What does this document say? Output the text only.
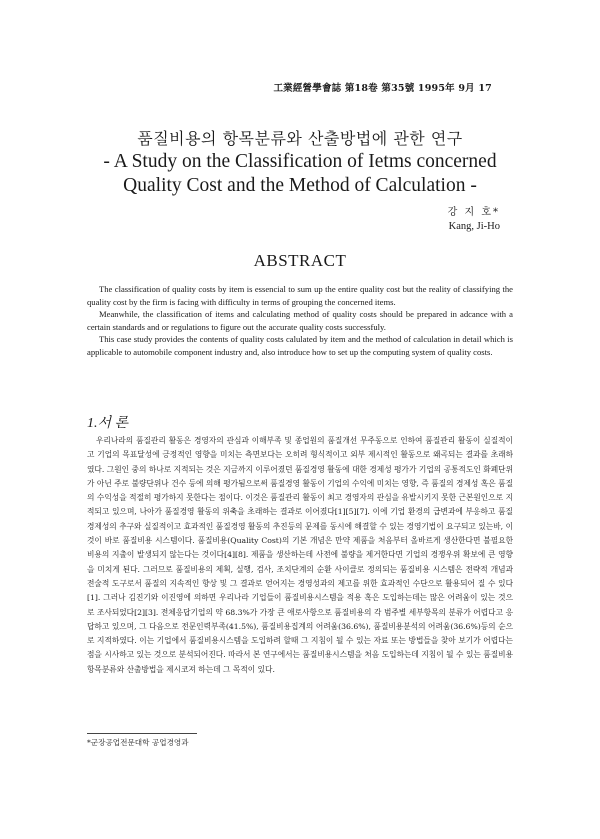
工業經營學會誌 第18卷 第35號 1995年 9月 17

품질비용의 항목분류와 산출방법에 관한 연구

- A Study on the Classification of Ietms concerned

Quality Cost and the Method of Calculation -

강 지 호*
Kang, Ji-Ho
ABSTRACT

The classification of quality costs by item is essencial to sum up the entire quality cost but the reality of classifying the quality cost by the firm is facing with difficulty in terms of grouping the concerned items.

Meanwhile, the classification of items and calculating method of quality costs should be prepared in adcance with a certain standards and or regulations to figure out the accurate quality costs successfuly.

This case study provides the contents of quality costs calulated by item and the method of calculation in detail which is applicable to automobile component industry and, also introduce how to set up the computing system of quality costs.

1.서 론

우리나라의 품질관리 활동은 경영자의 관심과 이해부족 및 종업원의 품질개선 무주동으로 인하여 품질관리 활동이 실질적이고 기업의 목표달성에 긍정적인 영향을 미치는 측면보다는 오히려 형식적이고 외부 제시적인 활동으로 왜곡되는 결과를 초래하였다. 그원인 중의 하나로 지적되는 것은 지금까지 이루어졌던 품질경영 활동에 대한 경제성 평가가 기업의 공통적도인 화폐단위가 아닌 주로 불량단위나 건수 등에 의해 평가됨으로써 품질경영 활동이 기업의 수익에 미치는 영향, 즉 품질의 경제성 혹은 품질의 수익성을 적절히 평가하지 못한다는 점이다. 이것은 품질관리 활동이 최고 경영자의 관심을 유발시키지 못한 근본원인으로 지적되고 있으며, 나아가 품질경영 활동의 위축을 초래하는 결과로 이어졌다[1][5][7]. 이에 기업 환경의 급변과에 부응하고 품질 경제성의 추구와 실질적이고 효과적인 품질경영 활동의 추진등의 문제를 동시에 해결할 수 있는 경영기법이 요구되고 있는바, 이것이 바로 품질비용 시스템이다. 품질비용(Quality Cost)의 기본 개념은 만약 제품을 처음부터 올바르게 생산한다면 불필요한 비용의 지출이 발생되지 않는다는 것이다[4][8]. 제품을 생산하는데 사전에 불량을 제거한다면 기업의 경쟁우위 확보에 큰 영향을 미치게 된다. 그러므로 품질비용의 제획, 실행, 검사, 조치단계의 순환 사이클로 정의되는 품질비용 시스템은 전략적 개념과 전술적 도구로서 품질의 지속적인 향상 및 그 결과로 얻어지는 경영성과의 제고를 위한 효과적인 수단으로 활용되어 질 수 있다[1]. 그러나 김진기와 이진영에 의하면 우리나라 기업들이 품질비용시스템을 적용 혹은 도입하는데는 많은 어려움이 있는 것으로 조사되었다[2][3]. 전체응답기업의 약 68.3%가 가장 큰 애로사항으로 품질비용의 각 범주별 세부항목의 분류가 어렵다고 응답하고 있으며, 그 다음으로 전문인력부족(41.5%), 품질비용집계의 어려움(36.6%), 품질비용분석의 어려움(36.6%)등의 순으로 지적하였다. 이는 기업에서 품질비용시스템을 도입하려 할때 그 지침이 될 수 있는 자료 또는 방법들을 찾아 보기가 어렵다는 점을 시사하고 있는 것으로 분석되어진다. 따라서 본 연구에서는 품질비용시스템을 처음 도입하는데 지침이 될 수 있는 품질비용 항목분류와 산출방법을 제시코져 하는데 그 목적이 있다.

*군장공업전문대학 공업경영과
